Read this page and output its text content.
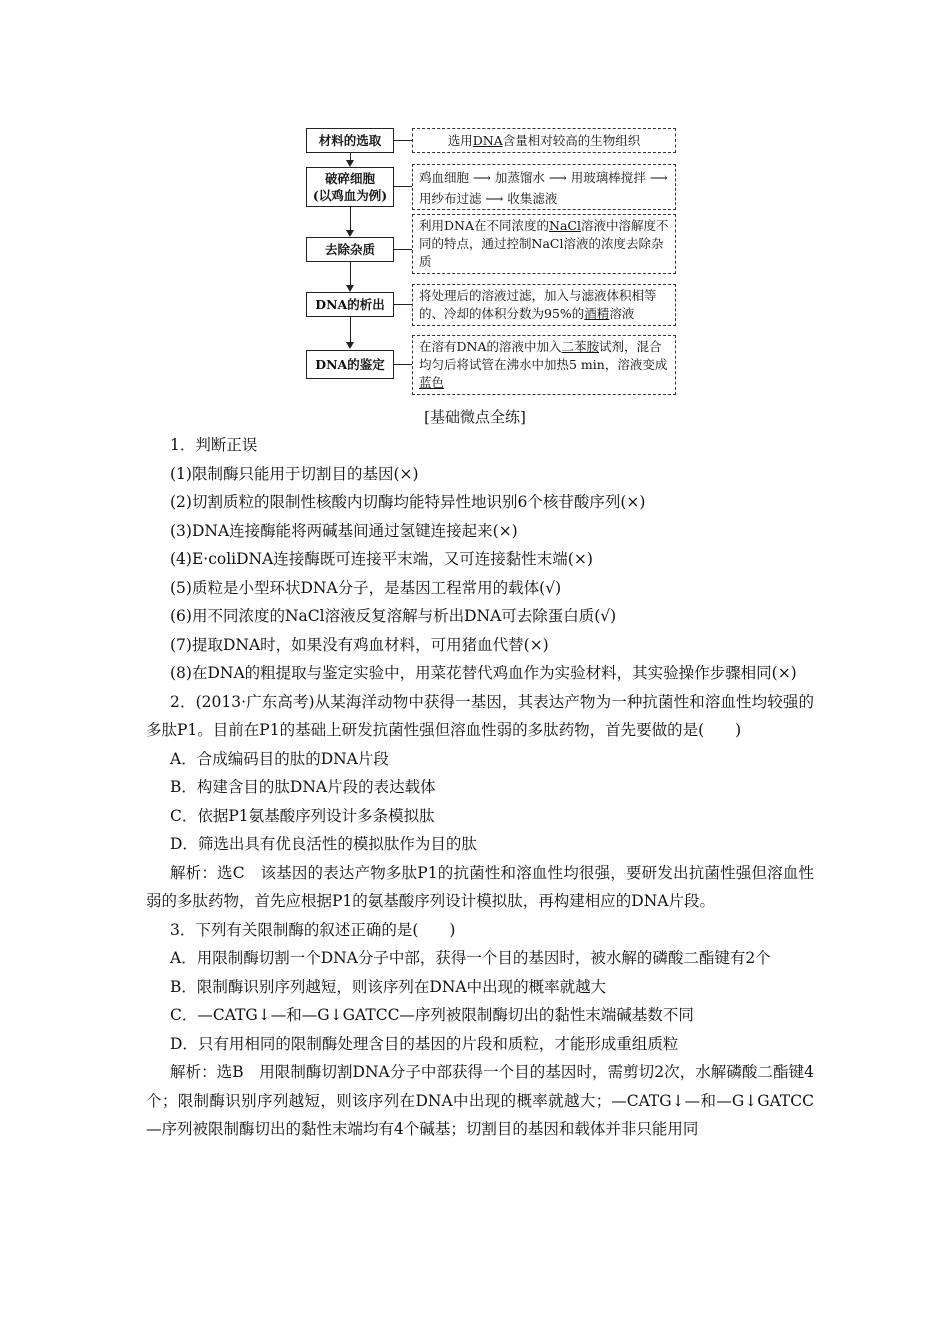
材料的选取	选用DNA含量相对较高的生物组织
破碎细胞
(以鸡血为例)
鸡血细胞 ⟶ 加蒸馏水 ⟶ 用玻璃棒搅拌 ⟶
用纱布过滤 ⟶ 收集滤液
去除杂质
利用DNA在不同浓度的NaCl溶液中溶解度不同的特点，通过控制NaCl溶液的浓度去除杂质
DNA的析出
将处理后的溶液过滤，加入与滤液体积相等的、冷却的体积分数为95%的酒精溶液
DNA的鉴定
在溶有DNA的溶液中加入二苯胺试剂，混合均匀后将试管在沸水中加热5 min，溶液变成蓝色
[基础微点全练]

1．判断正误

(1)限制酶只能用于切割目的基因(×)

(2)切割质粒的限制性核酸内切酶均能特异性地识别6个核苷酸序列(×)

(3)DNA连接酶能将两碱基间通过氢键连接起来(×)

(4)E·coliDNA连接酶既可连接平末端，又可连接黏性末端(×)

(5)质粒是小型环状DNA分子，是基因工程常用的载体(√)

(6)用不同浓度的NaCl溶液反复溶解与析出DNA可去除蛋白质(√)

(7)提取DNA时，如果没有鸡血材料，可用猪血代替(×)

(8)在DNA的粗提取与鉴定实验中，用菜花替代鸡血作为实验材料，其实验操作步骤相同(×)

2．(2013·广东高考)从某海洋动物中获得一基因，其表达产物为一种抗菌性和溶血性均较强的多肽P1。目前在P1的基础上研发抗菌性强但溶血性弱的多肽药物，首先要做的是(　　)

A．合成编码目的肽的DNA片段

B．构建含目的肽DNA片段的表达载体

C．依据P1氨基酸序列设计多条模拟肽

D．筛选出具有优良活性的模拟肽作为目的肽

解析：选C　该基因的表达产物多肽P1的抗菌性和溶血性均很强，要研发出抗菌性强但溶血性弱的多肽药物，首先应根据P1的氨基酸序列设计模拟肽，再构建相应的DNA片段。

3．下列有关限制酶的叙述正确的是(　　)

A．用限制酶切割一个DNA分子中部，获得一个目的基因时，被水解的磷酸二酯键有2个

B．限制酶识别序列越短，则该序列在DNA中出现的概率就越大

C．—CATG↓—和—G↓GATCC—序列被限制酶切出的黏性末端碱基数不同

D．只有用相同的限制酶处理含目的基因的片段和质粒，才能形成重组质粒

解析：选B　用限制酶切割DNA分子中部获得一个目的基因时，需剪切2次，水解磷酸二酯键4个；限制酶识别序列越短，则该序列在DNA中出现的概率就越大；—CATG↓—和—G↓GATCC—序列被限制酶切出的黏性末端均有4个碱基；切割目的基因和载体并非只能用同
